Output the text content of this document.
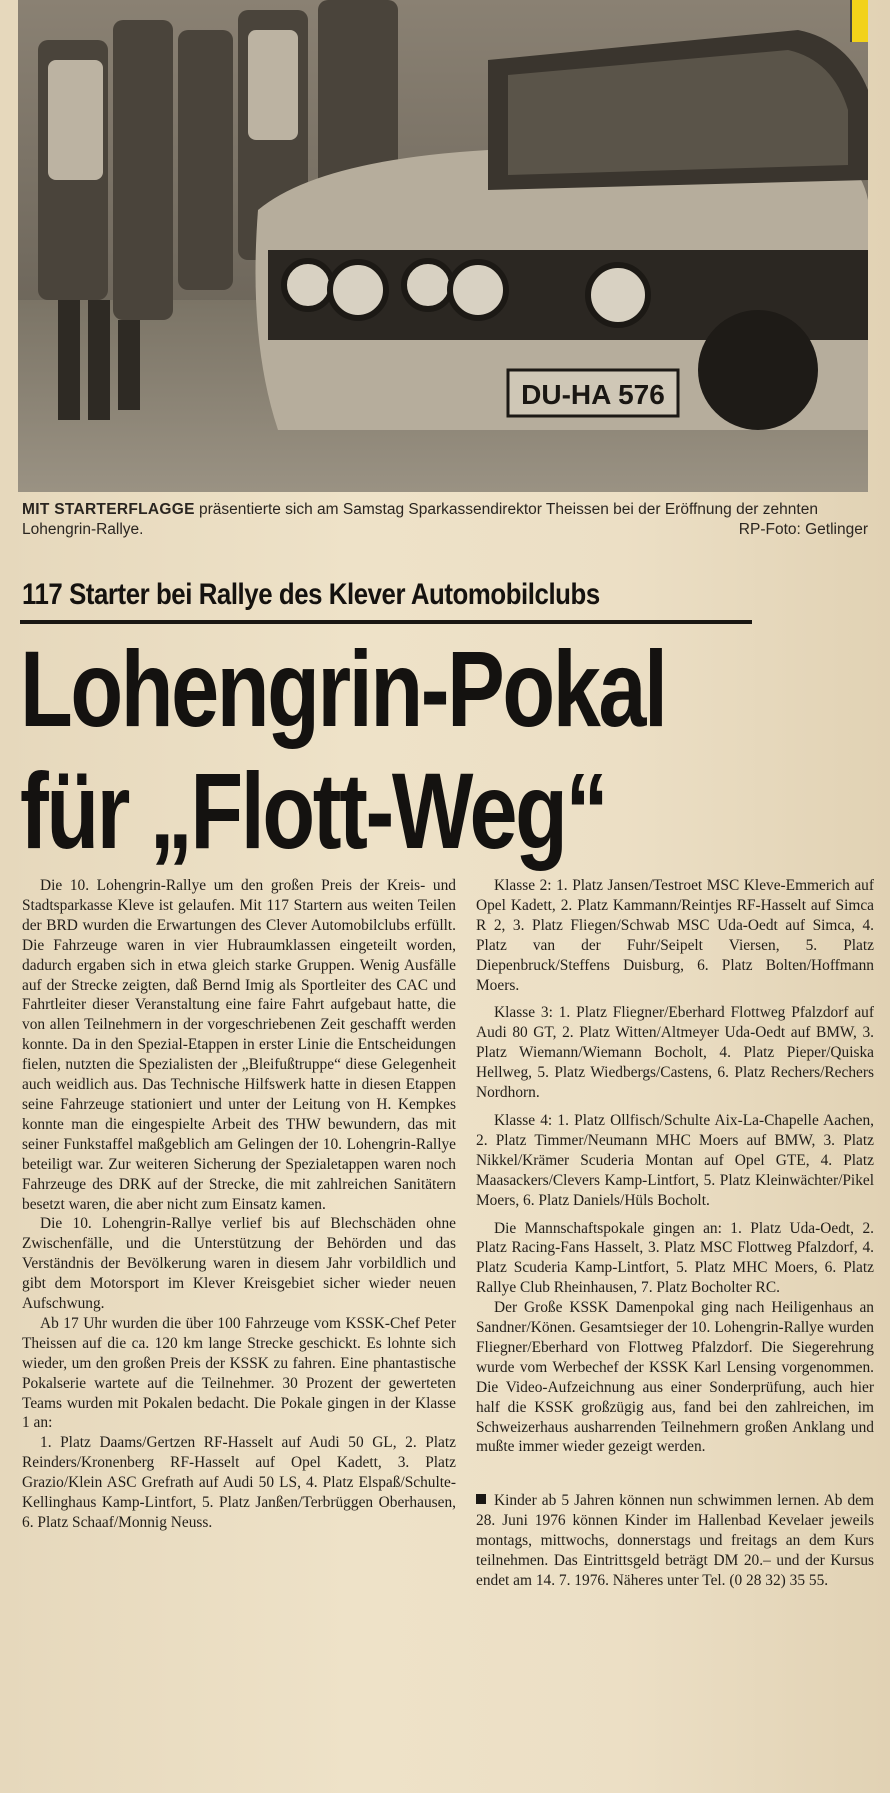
DU-HA 576
MIT STARTERFLAGGE präsentierte sich am Samstag Sparkassendirektor Theissen bei der Eröffnung der zehnten Lohengrin-Rallye.	RP-Foto: Getlinger
117 Starter bei Rallye des Klever Automobilclubs
Lohengrin-Pokal
für „Flott-Weg“

Die 10. Lohengrin-Rallye um den großen Preis der Kreis- und Stadtsparkasse Kleve ist gelaufen. Mit 117 Startern aus weiten Teilen der BRD wurden die Erwartungen des Clever Automobilclubs erfüllt. Die Fahrzeuge waren in vier Hubraumklassen eingeteilt worden, dadurch ergaben sich in etwa gleich starke Gruppen. Wenig Ausfälle auf der Strecke zeigten, daß Bernd Imig als Sportleiter des CAC und Fahrtleiter dieser Veranstaltung eine faire Fahrt aufgebaut hatte, die von allen Teilnehmern in der vorgeschriebenen Zeit geschafft werden konnte. Da in den Spezial-Etappen in erster Linie die Entscheidungen fielen, nutzten die Spezialisten der „Bleifußtruppe“ diese Gelegenheit auch weidlich aus. Das Technische Hilfswerk hatte in diesen Etappen seine Fahrzeuge stationiert und unter der Leitung von H. Kempkes konnte man die eingespielte Arbeit des THW bewundern, das mit seiner Funkstaffel maßgeblich am Gelingen der 10. Lohengrin-Rallye beteiligt war. Zur weiteren Sicherung der Spezialetappen waren noch Fahrzeuge des DRK auf der Strecke, die mit zahlreichen Sanitätern besetzt waren, die aber nicht zum Einsatz kamen.

Die 10. Lohengrin-Rallye verlief bis auf Blechschäden ohne Zwischenfälle, und die Unterstützung der Behörden und das Verständnis der Bevölkerung waren in diesem Jahr vorbildlich und gibt dem Motorsport im Klever Kreisgebiet sicher wieder neuen Aufschwung.

Ab 17 Uhr wurden die über 100 Fahrzeuge vom KSSK-Chef Peter Theissen auf die ca. 120 km lange Strecke geschickt. Es lohnte sich wieder, um den großen Preis der KSSK zu fahren. Eine phantastische Pokalserie wartete auf die Teilnehmer. 30 Prozent der gewerteten Teams wurden mit Pokalen bedacht. Die Pokale gingen in der Klasse 1 an:

1. Platz Daams/Gertzen RF-Hasselt auf Audi 50 GL, 2. Platz Reinders/Kronenberg RF-Hasselt auf Opel Kadett, 3. Platz Grazio/Klein ASC Grefrath auf Audi 50 LS, 4. Platz Elspaß/Schulte-Kellinghaus Kamp-Lintfort, 5. Platz Janßen/Terbrüggen Oberhausen, 6. Platz Schaaf/Monnig Neuss.

Klasse 2: 1. Platz Jansen/Testroet MSC Kleve-Emmerich auf Opel Kadett, 2. Platz Kammann/Reintjes RF-Hasselt auf Simca R 2, 3. Platz Fliegen/Schwab MSC Uda-Oedt auf Simca, 4. Platz van der Fuhr/Seipelt Viersen, 5. Platz Diepenbruck/Steffens Duisburg, 6. Platz Bolten/Hoffmann Moers.

Klasse 3: 1. Platz Fliegner/Eberhard Flottweg Pfalzdorf auf Audi 80 GT, 2. Platz Witten/Altmeyer Uda-Oedt auf BMW, 3. Platz Wiemann/Wiemann Bocholt, 4. Platz Pieper/Quiska Hellweg, 5. Platz Wiedbergs/Castens, 6. Platz Rechers/Rechers Nordhorn.

Klasse 4: 1. Platz Ollfisch/Schulte Aix-La-Chapelle Aachen, 2. Platz Timmer/Neumann MHC Moers auf BMW, 3. Platz Nikkel/Krämer Scuderia Montan auf Opel GTE, 4. Platz Maasackers/Clevers Kamp-Lintfort, 5. Platz Kleinwächter/Pikel Moers, 6. Platz Daniels/Hüls Bocholt.

Die Mannschaftspokale gingen an: 1. Platz Uda-Oedt, 2. Platz Racing-Fans Hasselt, 3. Platz MSC Flottweg Pfalzdorf, 4. Platz Scuderia Kamp-Lintfort, 5. Platz MHC Moers, 6. Platz Rallye Club Rheinhausen, 7. Platz Bocholter RC.

Der Große KSSK Damenpokal ging nach Heiligenhaus an Sandner/Könen. Gesamtsieger der 10. Lohengrin-Rallye wurden Fliegner/Eberhard von Flottweg Pfalzdorf. Die Siegerehrung wurde vom Werbechef der KSSK Karl Lensing vorgenommen. Die Video-Aufzeichnung aus einer Sonderprüfung, auch hier half die KSSK großzügig aus, fand bei den zahlreichen, im Schweizerhaus ausharrenden Teilnehmern großen Anklang und mußte immer wieder gezeigt werden.

Kinder ab 5 Jahren können nun schwimmen lernen. Ab dem 28. Juni 1976 können Kinder im Hallenbad Kevelaer jeweils montags, mittwochs, donnerstags und freitags an dem Kurs teilnehmen. Das Eintrittsgeld beträgt DM 20.– und der Kursus endet am 14. 7. 1976. Näheres unter Tel. (0 28 32) 35 55.
